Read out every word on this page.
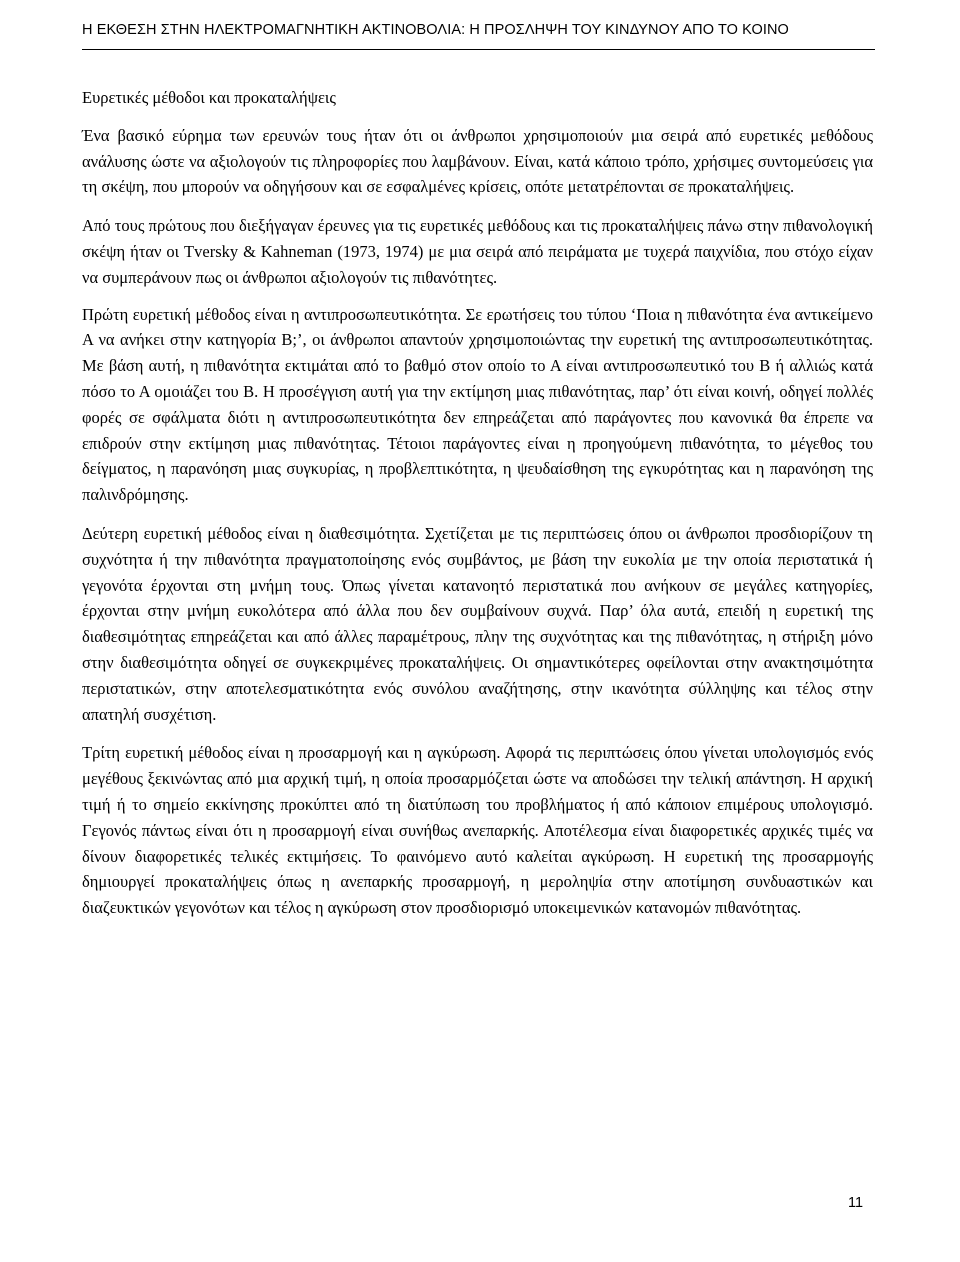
Η ΕΚΘΕΣΗ ΣΤΗΝ ΗΛΕΚΤΡΟΜΑΓΝΗΤΙΚΗ ΑΚΤΙΝΟΒΟΛΙΑ: Η ΠΡΟΣΛΗΨΗ ΤΟΥ ΚΙΝΔΥΝΟΥ ΑΠΟ ΤΟ ΚΟΙΝΟ

Ευρετικές μέθοδοι και προκαταλήψεις

Ένα βασικό εύρημα των ερευνών τους ήταν ότι οι άνθρωποι χρησιμοποιούν μια σειρά από ευρετικές μεθόδους ανάλυσης ώστε να αξιολογούν τις πληροφορίες που λαμβάνουν. Είναι, κατά κάποιο τρόπο, χρήσιμες συντομεύσεις για τη σκέψη, που μπορούν να οδηγήσουν και σε εσφαλμένες κρίσεις, οπότε μετατρέπονται σε προκαταλήψεις.

Από τους πρώτους που διεξήγαγαν έρευνες για τις ευρετικές μεθόδους και τις προκαταλήψεις πάνω στην πιθανολογική σκέψη ήταν οι Tversky & Kahneman (1973, 1974) με μια σειρά από πειράματα με τυχερά παιχνίδια, που στόχο είχαν να συμπεράνουν πως οι άνθρωποι αξιολογούν τις πιθανότητες.

Πρώτη ευρετική μέθοδος είναι η αντιπροσωπευτικότητα. Σε ερωτήσεις του τύπου ‘Ποια η πιθανότητα ένα αντικείμενο Α να ανήκει στην κατηγορία Β;’, οι άνθρωποι απαντούν χρησιμοποιώντας την ευρετική της αντιπροσωπευτικότητας. Με βάση αυτή, η πιθανότητα εκτιμάται από το βαθμό στον οποίο το Α είναι αντιπροσωπευτικό του Β ή αλλιώς κατά πόσο το Α ομοιάζει του Β. Η προσέγγιση αυτή για την εκτίμηση μιας πιθανότητας, παρ’ ότι είναι κοινή, οδηγεί πολλές φορές σε σφάλματα διότι η αντιπροσωπευτικότητα δεν επηρεάζεται από παράγοντες που κανονικά θα έπρεπε να επιδρούν στην εκτίμηση μιας πιθανότητας. Τέτοιοι παράγοντες είναι η προηγούμενη πιθανότητα, το μέγεθος του δείγματος, η παρανόηση μιας συγκυρίας, η προβλεπτικότητα, η ψευδαίσθηση της εγκυρότητας και η παρανόηση της παλινδρόμησης.

Δεύτερη ευρετική μέθοδος είναι η διαθεσιμότητα. Σχετίζεται με τις περιπτώσεις όπου οι άνθρωποι προσδιορίζουν τη συχνότητα ή την πιθανότητα πραγματοποίησης ενός συμβάντος, με βάση την ευκολία με την οποία περιστατικά ή γεγονότα έρχονται στη μνήμη τους. Όπως γίνεται κατανοητό περιστατικά που ανήκουν σε μεγάλες κατηγορίες, έρχονται στην μνήμη ευκολότερα από άλλα που δεν συμβαίνουν συχνά. Παρ’ όλα αυτά, επειδή η ευρετική της διαθεσιμότητας επηρεάζεται και από άλλες παραμέτρους, πλην της συχνότητας και της πιθανότητας, η στήριξη μόνο στην διαθεσιμότητα οδηγεί σε συγκεκριμένες προκαταλήψεις. Οι σημαντικότερες οφείλονται στην ανακτησιμότητα περιστατικών, στην αποτελεσματικότητα ενός συνόλου αναζήτησης, στην ικανότητα σύλληψης και τέλος στην απατηλή συσχέτιση.

Τρίτη ευρετική μέθοδος είναι η προσαρμογή και η αγκύρωση. Αφορά τις περιπτώσεις όπου γίνεται υπολογισμός ενός μεγέθους ξεκινώντας από μια αρχική τιμή, η οποία προσαρμόζεται ώστε να αποδώσει την τελική απάντηση. Η αρχική τιμή ή το σημείο εκκίνησης προκύπτει από τη διατύπωση του προβλήματος ή από κάποιον επιμέρους υπολογισμό. Γεγονός πάντως είναι ότι η προσαρμογή είναι συνήθως ανεπαρκής. Αποτέλεσμα είναι διαφορετικές αρχικές τιμές να δίνουν διαφορετικές τελικές εκτιμήσεις. Το φαινόμενο αυτό καλείται αγκύρωση. Η ευρετική της προσαρμογής δημιουργεί προκαταλήψεις όπως η ανεπαρκής προσαρμογή, η μεροληψία στην αποτίμηση συνδυαστικών και διαζευκτικών γεγονότων και τέλος η αγκύρωση στον προσδιορισμό υποκειμενικών κατανομών πιθανότητας.

11
